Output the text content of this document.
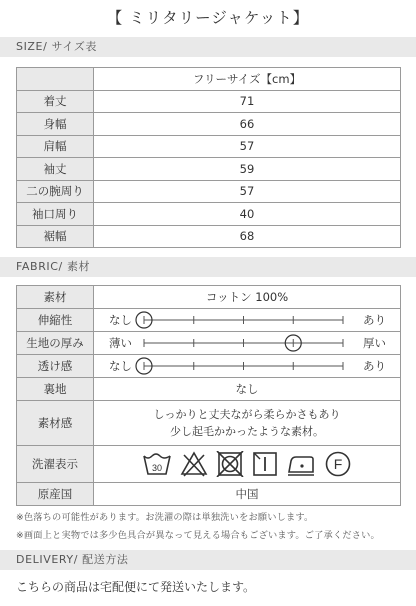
【 ミリタリージャケット】
SIZE/ サイズ表
	フリーサイズ【cm】
着丈	71
身幅	66
肩幅	57
袖丈	59
二の腕周り	57
袖口周り	40
裾幅	68
FABRIC/ 素材
素材	コットン 100%
伸縮性	なし あり

生地の厚み	薄い 厚い

透け感	なし あり

裏地	なし
素材感	しっかりと丈夫ながら柔らかさもあり
少し起毛かかったような素材。

洗濯表示	30 F

原産国	中国
※色落ちの可能性があります。お洗濯の際は単独洗いをお願いします。
※画面上と実物では多少色具合が異なって見える場合もございます。ご了承ください。
DELIVERY/ 配送方法
こちらの商品は宅配便にて発送いたします。
